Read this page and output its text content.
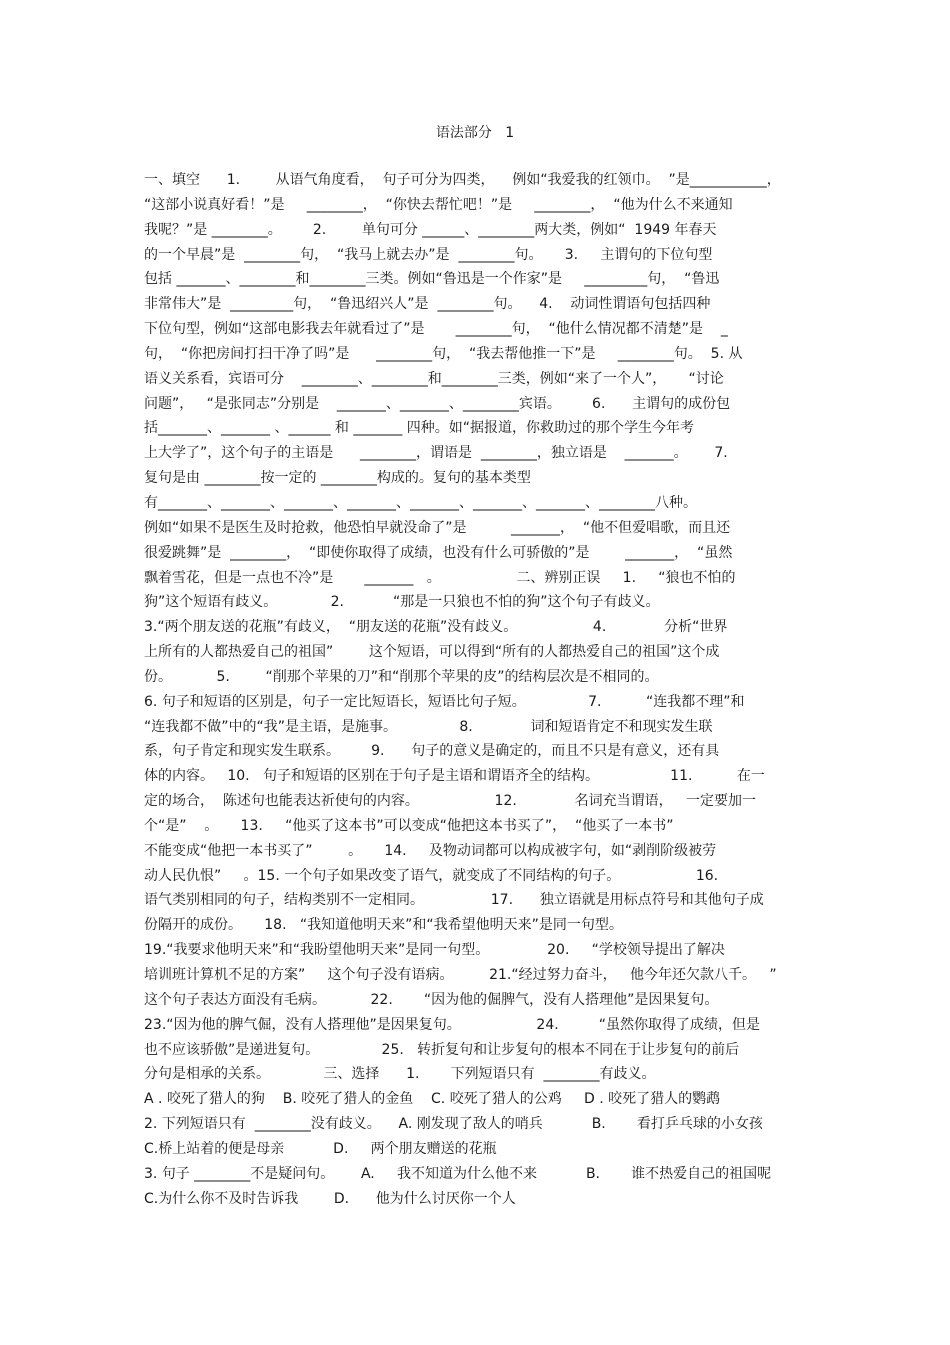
语法部分   1
一、填空      1.        从语气角度看，  句子可分为四类，    例如“我爱我的红领巾。  ”是___________，
“这部小说真好看！”是     ________，  “你快去帮忙吧！”是     ________，  “他为什么不来通知
我呢？”是 ________。       2.        单句可分 ______、________两大类，例如“  1949 年春天
的一个早晨”是  ________句，  “我马上就去办”是  ________句。     3.     主谓句的下位句型
包括 _______、________和________三类。例如“鲁迅是一个作家”是     _________句，  “鲁迅
非常伟大”是  _________句，  “鲁迅绍兴人”是  ________句。    4.    动词性谓语句包括四种
下位句型，例如“这部电影我去年就看过了”是       ________句，  “他什么情况都不清楚”是    _
句，  “你把房间打扫干净了吗”是      ________句，  “我去帮他推一下”是     ________句。  5. 从
语义关系看，宾语可分    ________、________和________三类，例如“来了一个人”，     “讨论
问题”，   “是张同志”分别是    _______、_______、________宾语。       6.      主谓句的成份包
括_______、_______ 、______ 和 _______ 四种。如“据报道，你救助过的那个学生今年考
上大学了”，这个句子的主语是      ________，谓语是  ________，独立语是    _______。      7.
复句是由 ________按一定的 ________构成的。复句的基本类型
有_______、_______、_______、_______、_______、_______、_______、________八种。
例如“如果不是医生及时抢救，他恐怕早就没命了”是          _______，  “他不但爱唱歌，而且还
很爱跳舞”是  ________，  “即使你取得了成绩，也没有什么可骄傲的”是        _______，  “虽然
飘着雪花，但是一点也不冷”是       _______   。                 二、辨别正误     1.     “狼也不怕的
狗”这个短语有歧义。            2.           “那是一只狼也不怕的狗”这个句子有歧义。
3.“两个朋友送的花瓶”有歧义，  “朋友送的花瓶”没有歧义。                 4.             分析“世界
上所有的人都热爱自己的祖国”        这个短语，可以得到“所有的人都热爱自己的祖国”这个成
份。          5.        “削那个苹果的刀”和“削那个苹果的皮”的结构层次是不相同的。
6. 句子和短语的区别是，句子一定比短语长，短语比句子短。              7.          “连我都不理”和
“连我都不做”中的“我”是主语，是施事。              8.             词和短语肯定不和现实发生联
系，句子肯定和现实发生联系。       9.      句子的意义是确定的，而且不只是有意义，还有具
体的内容。   10.   句子和短语的区别在于句子是主语和谓语齐全的结构。                11.          在一
定的场合，  陈述句也能表达祈使句的内容。                 12.             名词充当谓语，   一定要加一
个“是”    。     13.     “他买了这本书”可以变成“他把这本书买了”，  “他买了一本书”
不能变成“他把一本书买了”        。     14.     及物动词都可以构成被字句，如“剥削阶级被劳
动人民仇恨”     。15. 一个句子如果改变了语气，就变成了不同结构的句子。                 16.
语气类别相同的句子，结构类别不一定相同。               17.      独立语就是用标点符号和其他句子成
份隔开的成份。     18.   “我知道他明天来”和“我希望他明天来”是同一句型。
19.“我要求他明天来”和“我盼望他明天来”是同一句型。             20.     “学校领导提出了解决
培训班计算机不足的方案”     这个句子没有语病。        21.“经过努力奋斗，   他今年还欠款八千。   ”
这个句子表达方面没有毛病。          22.       “因为他的倔脾气，没有人搭理他”是因果复句。
23.“因为他的脾气倔，没有人搭理他”是因果复句。                 24.         “虽然你取得了成绩，但是
也不应该骄傲”是递进复句。              25.   转折复句和让步复句的根本不同在于让步复句的前后
分句是相承的关系。            三、选择      1.       下列短语只有  ________有歧义。
A . 咬死了猎人的狗    B. 咬死了猎人的金鱼    C. 咬死了猎人的公鸡     D . 咬死了猎人的鹦鹉
2. 下列短语只有  ________没有歧义。    A. 刚发现了敌人的哨兵           B.       看打乒乓球的小女孩
C.桥上站着的便是母亲           D.     两个朋友赠送的花瓶
3. 句子 ________不是疑问句。      A.     我不知道为什么他不来           B.       谁不热爱自己的祖国呢
C.为什么你不及时告诉我        D.      他为什么讨厌你一个人
